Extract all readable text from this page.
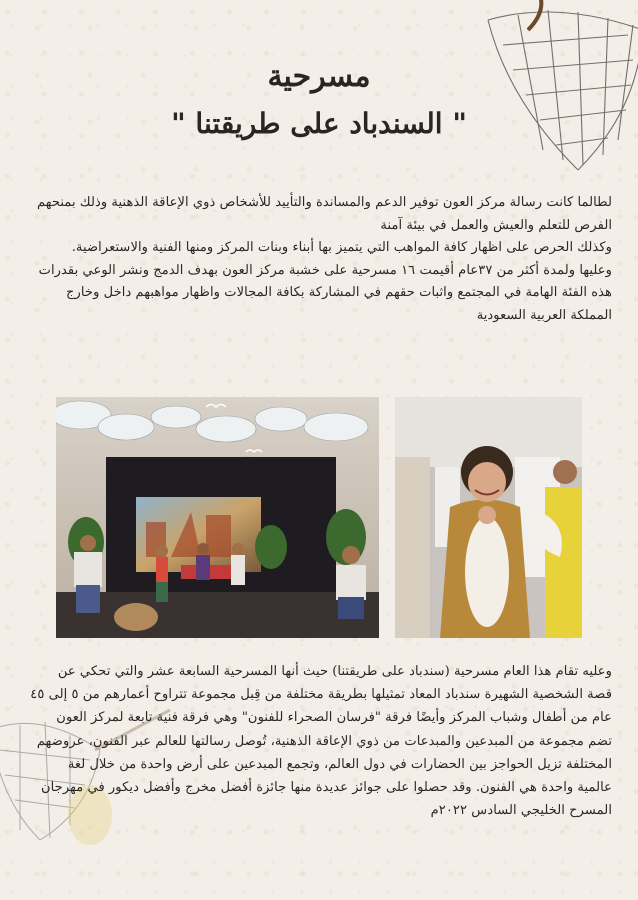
مسرحية
" السندباد على طريقتنا "

لطالما كانت رسالة مركز العون توفير الدعم والمساندة والتأييد للأشخاص ذوي الإعاقة الذهنية وذلك بمنحهم الفرص للتعلم والعيش والعمل في بيئة آمنة

وكذلك الحرص على اظهار كافة المواهب التي يتميز بها أبناء وبنات المركز ومنها الفنية والاستعراضية.

وعليها ولمدة أكثر من ٣٧عام أقيمت ١٦ مسرحية على خشبة مركز العون بهدف الدمج ونشر الوعي بقدرات هذه الفئة الهامة في المجتمع واثبات حقهم في المشاركة بكافة المجالات واظهار مواهبهم داخل وخارج المملكة العربية السعودية

وعليه تقام هذا العام مسرحية (سندباد على طريقتنا) حيث أنها المسرحية السابعة عشر والتي تحكي عن قصة الشخصية الشهيرة سندباد المعاد تمثيلها بطريقة مختلفة من قِبل مجموعة تتراوح أعمارهم من ٥ إلى ٤٥ عام من أطفال وشباب المركز وأيضًا فرقة "فرسان الصحراء للفنون" وهي فرقة فنية تابعة لمركز العون تضم مجموعة من المبدعين والمبدعات من ذوي الإعاقة الذهنية، تُوصل رسالتها للعالم عبر الفنون، عروضهم المختلفة تزيل الحواجز بين الحضارات في دول العالم، وتجمع المبدعين على أرض واحدة من خلال لغة عالمية واحدة هي الفنون. وقد حصلوا على جوائز عديدة منها جائزة أفضل مخرج وأفضل ديكور في مهرجان المسرح الخليجي السادس ٢٠٢٢م
